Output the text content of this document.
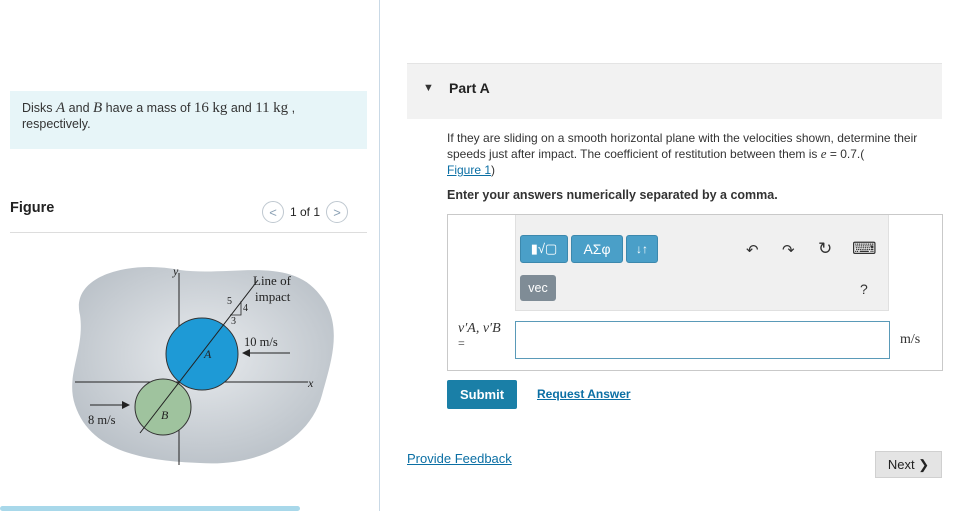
Disks A and B have a mass of 16 kg and 11 kg , respectively.
Figure	<	1 of 1	>
y
x
B
A
5
4
3
Line of
impact
10 m/s
8 m/s
▼ Part A
If they are sliding on a smooth horizontal plane with the velocities shown, determine their speeds just after impact. The coefficient of restitution between them is e = 0.7.(
Figure 1)
Enter your answers numerically separated by a comma.
▮√▢	ΑΣφ	↓↑
vec
↶ ↷ ↻ ⌨
?
v′A, v′B
=	m/s
Submit	Request Answer
Provide Feedback	Next ❯
